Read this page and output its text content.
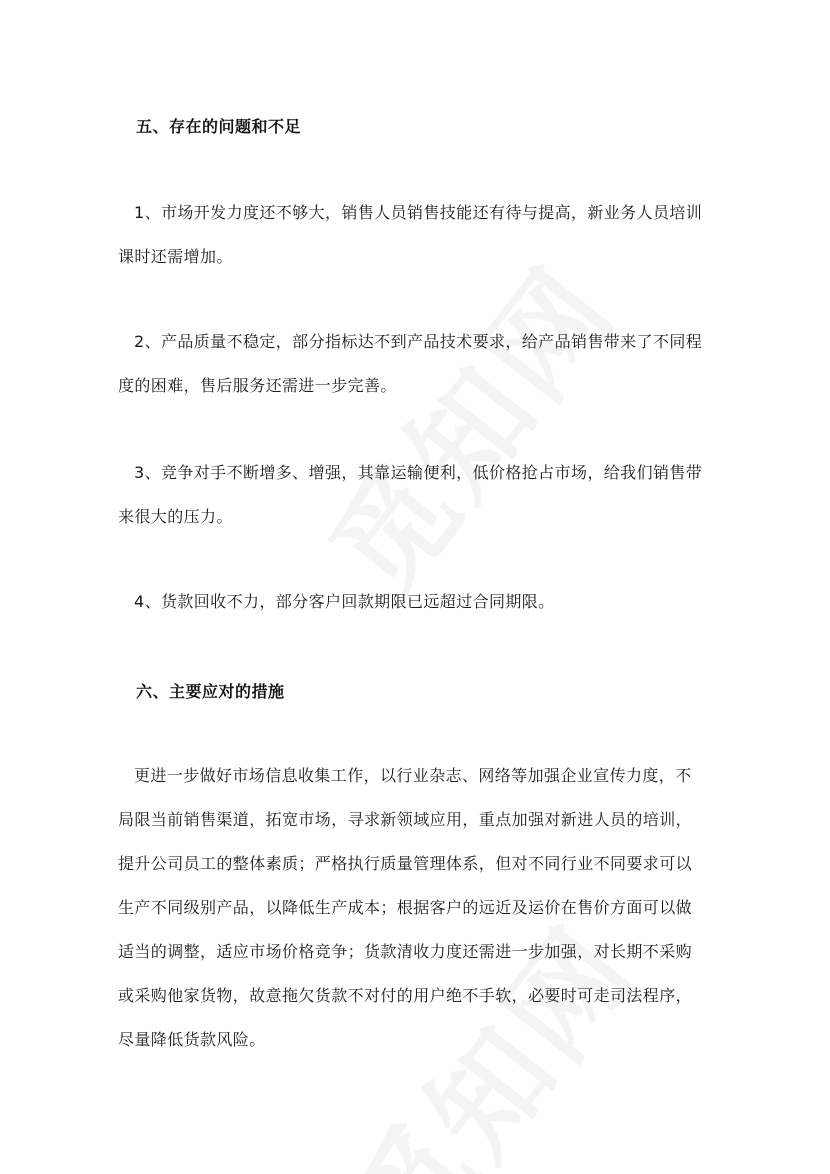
五、存在的问题和不足
1、市场开发力度还不够大，销售人员销售技能还有待与提高，新业务人员培训
课时还需增加。
2、产品质量不稳定，部分指标达不到产品技术要求，给产品销售带来了不同程
度的困难，售后服务还需进一步完善。
3、竞争对手不断增多、增强，其靠运输便利，低价格抢占市场，给我们销售带
来很大的压力。
4、货款回收不力，部分客户回款期限已远超过合同期限。
六、主要应对的措施
更进一步做好市场信息收集工作，以行业杂志、网络等加强企业宣传力度，不
局限当前销售渠道，拓宽市场，寻求新领域应用，重点加强对新进人员的培训，
提升公司员工的整体素质；严格执行质量管理体系，但对不同行业不同要求可以
生产不同级别产品，以降低生产成本；根据客户的远近及运价在售价方面可以做
适当的调整，适应市场价格竞争；货款清收力度还需进一步加强，对长期不采购
或采购他家货物，故意拖欠货款不对付的用户绝不手软，必要时可走司法程序，
尽量降低货款风险。
